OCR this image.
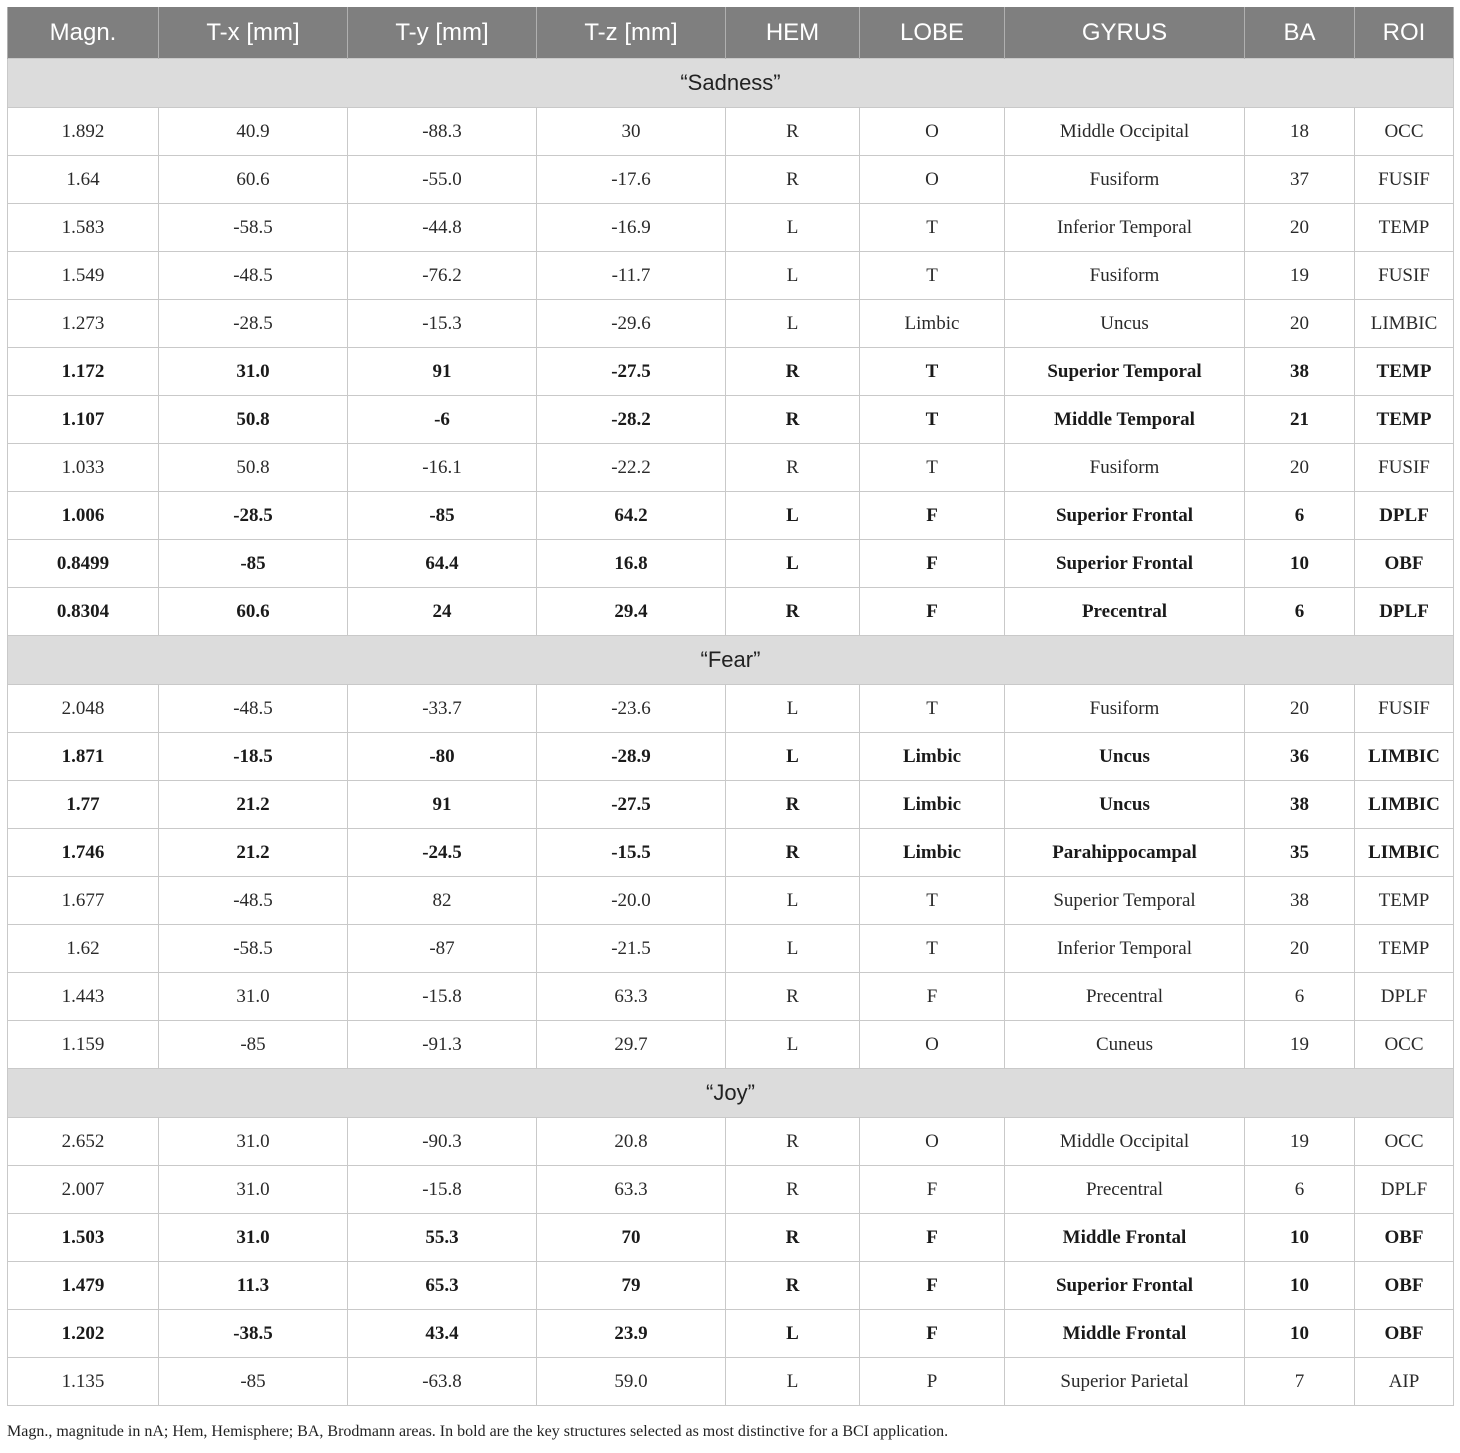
Magn.	T-x [mm]	T-y [mm]	T-z [mm]	HEM	LOBE	GYRUS	BA	ROI
“Sadness”								
1.892	40.9	-88.3	30	R	O	Middle Occipital	18	OCC
1.64	60.6	-55.0	-17.6	R	O	Fusiform	37	FUSIF
1.583	-58.5	-44.8	-16.9	L	T	Inferior Temporal	20	TEMP
1.549	-48.5	-76.2	-11.7	L	T	Fusiform	19	FUSIF
1.273	-28.5	-15.3	-29.6	L	Limbic	Uncus	20	LIMBIC
1.172	31.0	91	-27.5	R	T	Superior Temporal	38	TEMP
1.107	50.8	-6	-28.2	R	T	Middle Temporal	21	TEMP
1.033	50.8	-16.1	-22.2	R	T	Fusiform	20	FUSIF
1.006	-28.5	-85	64.2	L	F	Superior Frontal	6	DPLF
0.8499	-85	64.4	16.8	L	F	Superior Frontal	10	OBF
0.8304	60.6	24	29.4	R	F	Precentral	6	DPLF
“Fear”								
2.048	-48.5	-33.7	-23.6	L	T	Fusiform	20	FUSIF
1.871	-18.5	-80	-28.9	L	Limbic	Uncus	36	LIMBIC
1.77	21.2	91	-27.5	R	Limbic	Uncus	38	LIMBIC
1.746	21.2	-24.5	-15.5	R	Limbic	Parahippocampal	35	LIMBIC
1.677	-48.5	82	-20.0	L	T	Superior Temporal	38	TEMP
1.62	-58.5	-87	-21.5	L	T	Inferior Temporal	20	TEMP
1.443	31.0	-15.8	63.3	R	F	Precentral	6	DPLF
1.159	-85	-91.3	29.7	L	O	Cuneus	19	OCC
“Joy”								
2.652	31.0	-90.3	20.8	R	O	Middle Occipital	19	OCC
2.007	31.0	-15.8	63.3	R	F	Precentral	6	DPLF
1.503	31.0	55.3	70	R	F	Middle Frontal	10	OBF
1.479	11.3	65.3	79	R	F	Superior Frontal	10	OBF
1.202	-38.5	43.4	23.9	L	F	Middle Frontal	10	OBF
1.135	-85	-63.8	59.0	L	P	Superior Parietal	7	AIP

Magn., magnitude in nA; Hem, Hemisphere; BA, Brodmann areas. In bold are the key structures selected as most distinctive for a BCI application.
